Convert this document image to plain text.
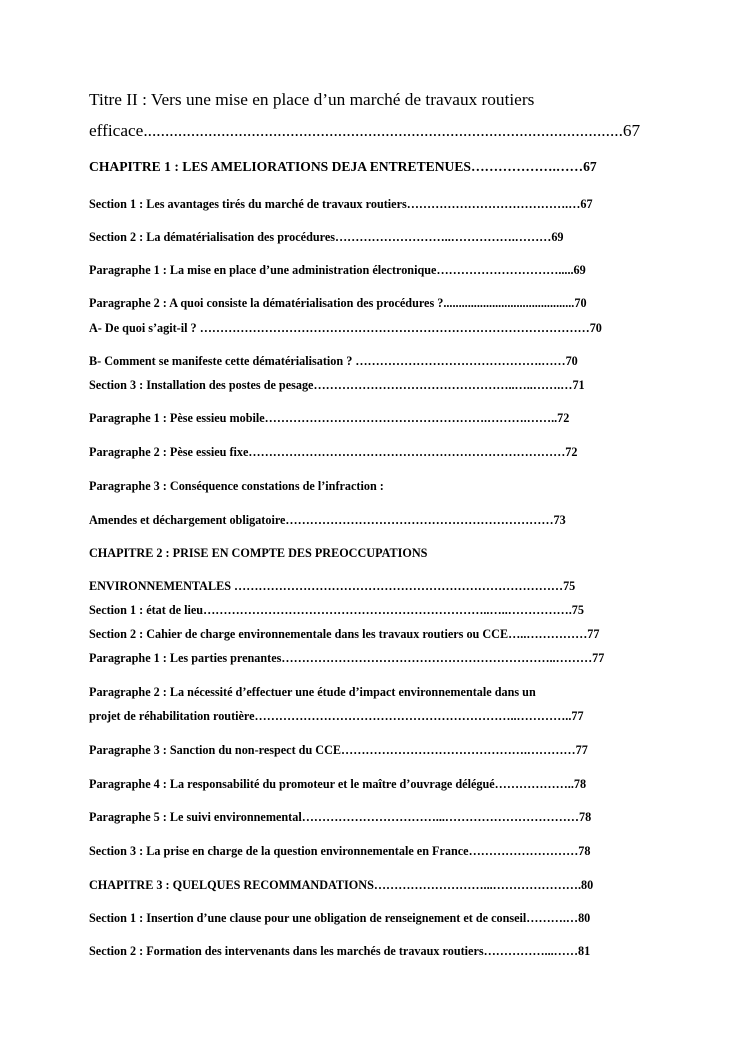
Titre II : Vers une mise en place d’un marché de travaux routiers
efficace...............................................................................................................67
CHAPITRE 1 : LES AMELIORATIONS DEJA ENTRETENUES……………….……67
Section 1 : Les avantages tirés du marché de travaux routiers………………………………….…67
Section 2 : La dématérialisation des procédures………………………..…………….………69
Paragraphe 1 : La mise en place d’une administration électronique………………………….....69
Paragraphe 2 : A quoi consiste la dématérialisation des procédures ?...........................................70
A- De quoi s’agit-il ? ……………………………………………………………………………………70
B- Comment se manifeste cette dématérialisation ? ……………………………………….……70
Section 3 : Installation des postes de pesage…………………………………………..…..…….…71
Paragraphe 1 : Pèse essieu mobile……………………………………………….……….……..72
Paragraphe 2 : Pèse essieu fixe……………………………………………………………………72
Paragraphe 3 : Conséquence constations de l’infraction :
Amendes et déchargement obligatoire…………………………………………………………73
CHAPITRE 2 : PRISE EN COMPTE DES PREOCCUPATIONS
ENVIRONNEMENTALES ………………………………………………………………………75
Section 1 : état de lieu……………………………………………………………..…..…………….75
Section 2 : Cahier de charge environnementale dans les travaux routiers ou CCE…..……………77
Paragraphe 1 : Les parties prenantes…………………………………………………………..………77
Paragraphe 2 : La nécessité d’effectuer une étude d’impact environnementale dans un
projet de réhabilitation routière………………………………………………………..…………..77
Paragraphe 3 : Sanction du non-respect du CCE……………………………………….…………77
Paragraphe 4 : La responsabilité du promoteur et le maître d’ouvrage délégué………………..78
Paragraphe 5 : Le suivi environnemental……………………………...……………………………78
Section 3 : La prise en charge de la question environnementale en France………………………78
CHAPITRE 3 : QUELQUES RECOMMANDATIONS………………………...………………….80
Section 1 : Insertion d’une clause pour une obligation de renseignement et de conseil……….…80
Section 2 : Formation des intervenants dans les marchés de travaux routiers……………...……81
